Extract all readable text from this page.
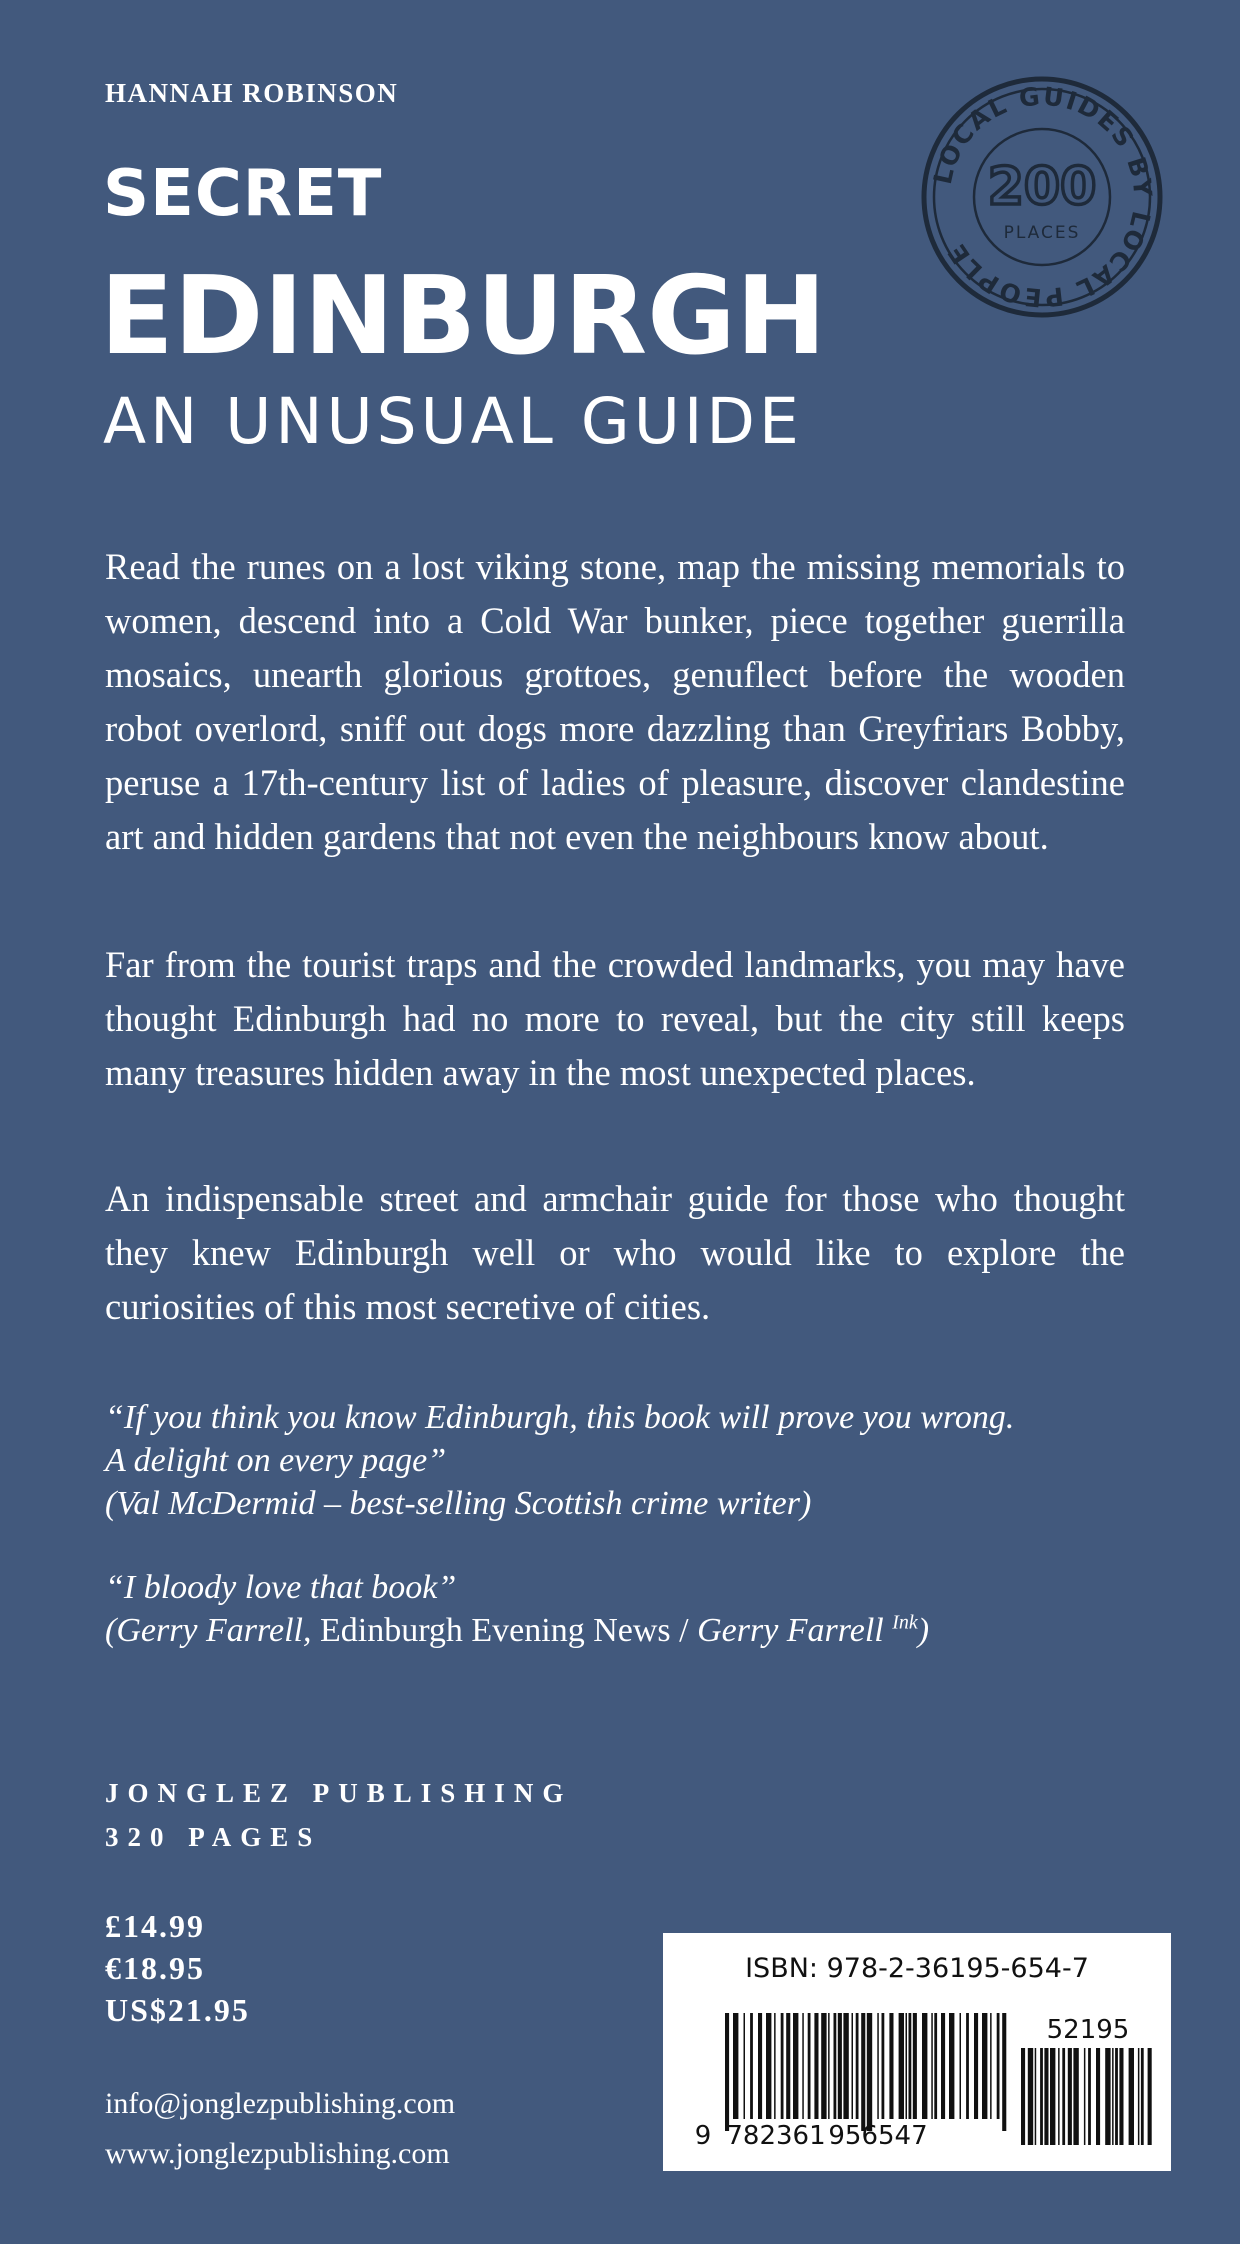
HANNAH ROBINSON
SECRET
EDINBURGH
AN UNUSUAL GUIDE
LOCAL GUIDES BY LOCAL PEOPLE
200
PLACES
Read the runes on a lost viking stone, map the missing memorials to women, descend into a Cold War bunker, piece together guerrilla mosaics, unearth glorious grottoes, genuflect before the wooden robot overlord, sniff out dogs more dazzling than Greyfriars Bobby, peruse a 17th-century list of ladies of pleasure, discover clandestine art and hidden gardens that not even the neighbours know about.
Far from the tourist traps and the crowded landmarks, you may have thought Edinburgh had no more to reveal, but the city still keeps many treasures hidden away in the most unexpected places.
An indispensable street and armchair guide for those who thought they knew Edinburgh well or who would like to explore the curiosities of this most secretive of cities.
“If you think you know Edinburgh, this book will prove you wrong.
A delight on every page”
(Val McDermid – best-selling Scottish crime writer)
“I bloody love that book”
(Gerry Farrell, Edinburgh Evening News / Gerry Farrell $^{Ink}$)
JONGLEZ PUBLISHING
320 PAGES
£14.99
€18.95
US$21.95
info@jonglezpublishing.com
www.jonglezpublishing.com
ISBN: 978-2-36195-654-7
9 782361 956547
52195
